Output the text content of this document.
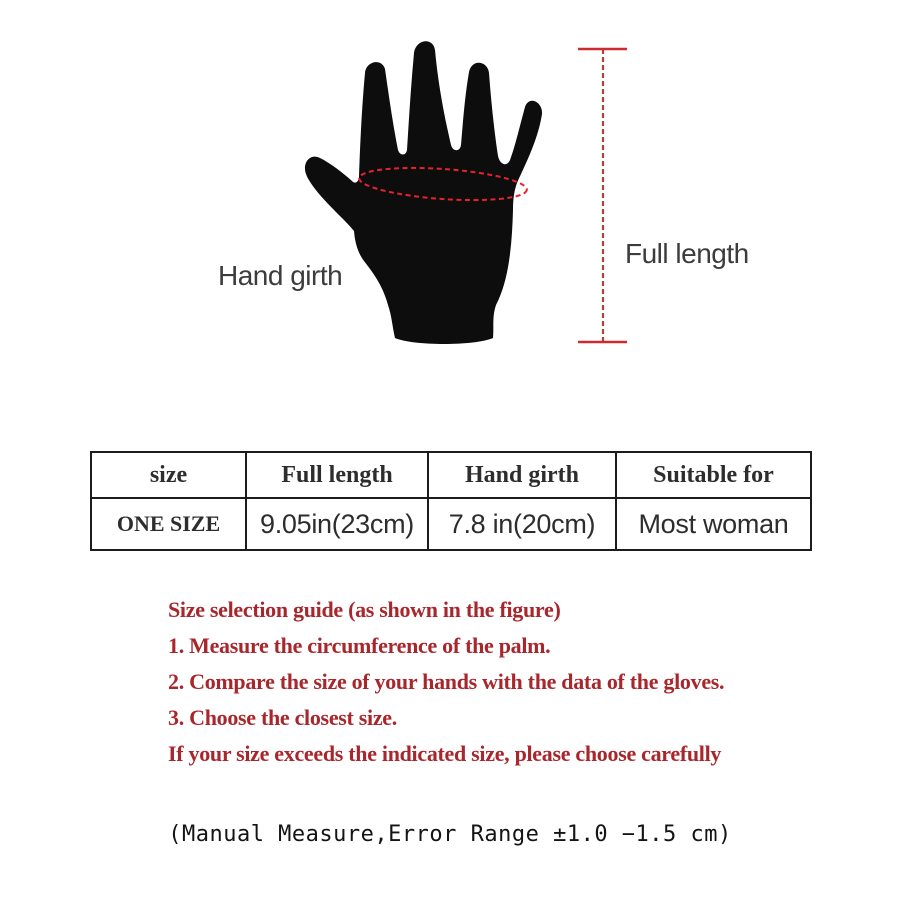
Hand girth
Full length
size	Full length	Hand girth	Suitable for
ONE SIZE	9.05in(23cm)	7.8 in(20cm)	Most woman
Size selection guide (as shown in the figure)
1. Measure the circumference of the palm.
2. Compare the size of your hands with the data of the gloves.
3. Choose the closest size.
If your size exceeds the indicated size, please choose carefully
(Manual Measure,Error Range ±1.0 −1.5 cm)
